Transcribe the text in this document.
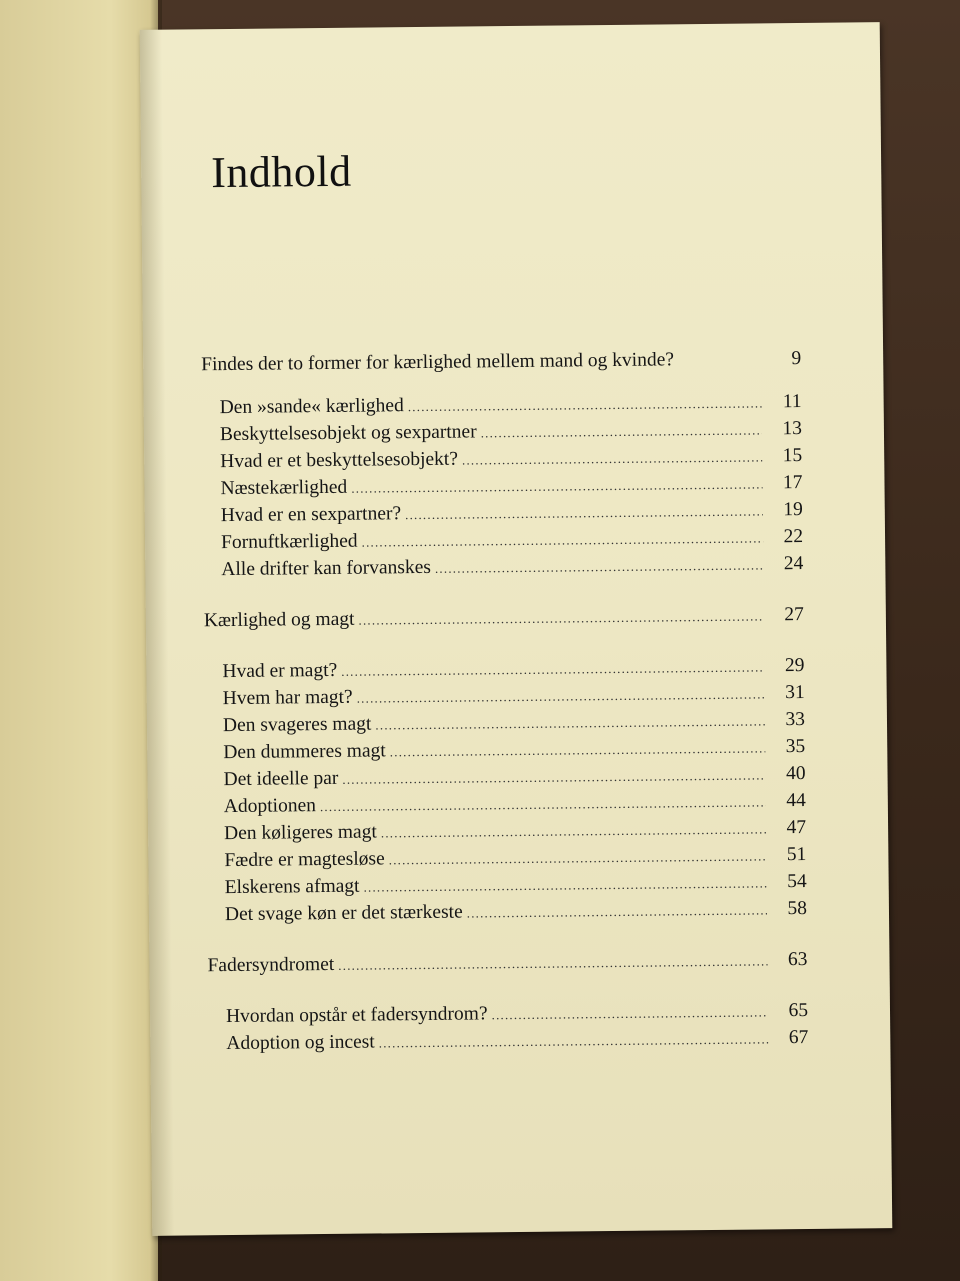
Indhold
Findes der to former for kærlighed mellem mand og kvinde?	9
Den »sande« kærlighed .....	11
Beskyttelsesobjekt og sexpartner .....	13
Hvad er et beskyttelsesobjekt? .....	15
Næstekærlighed .....	17
Hvad er en sexpartner? .....	19
Fornuftkærlighed .....	22
Alle drifter kan forvanskes .....	24
Kærlighed og magt .....	27
Hvad er magt? .....	29
Hvem har magt? .....	31
Den svageres magt .....	33
Den dummeres magt .....	35
Det ideelle par .....	40
Adoptionen .....	44
Den køligeres magt .....	47
Fædre er magtesløse .....	51
Elskerens afmagt .....	54
Det svage køn er det stærkeste .....	58
Fadersyndromet .....	63
Hvordan opstår et fadersyndrom? .....	65
Adoption og incest .....	67
